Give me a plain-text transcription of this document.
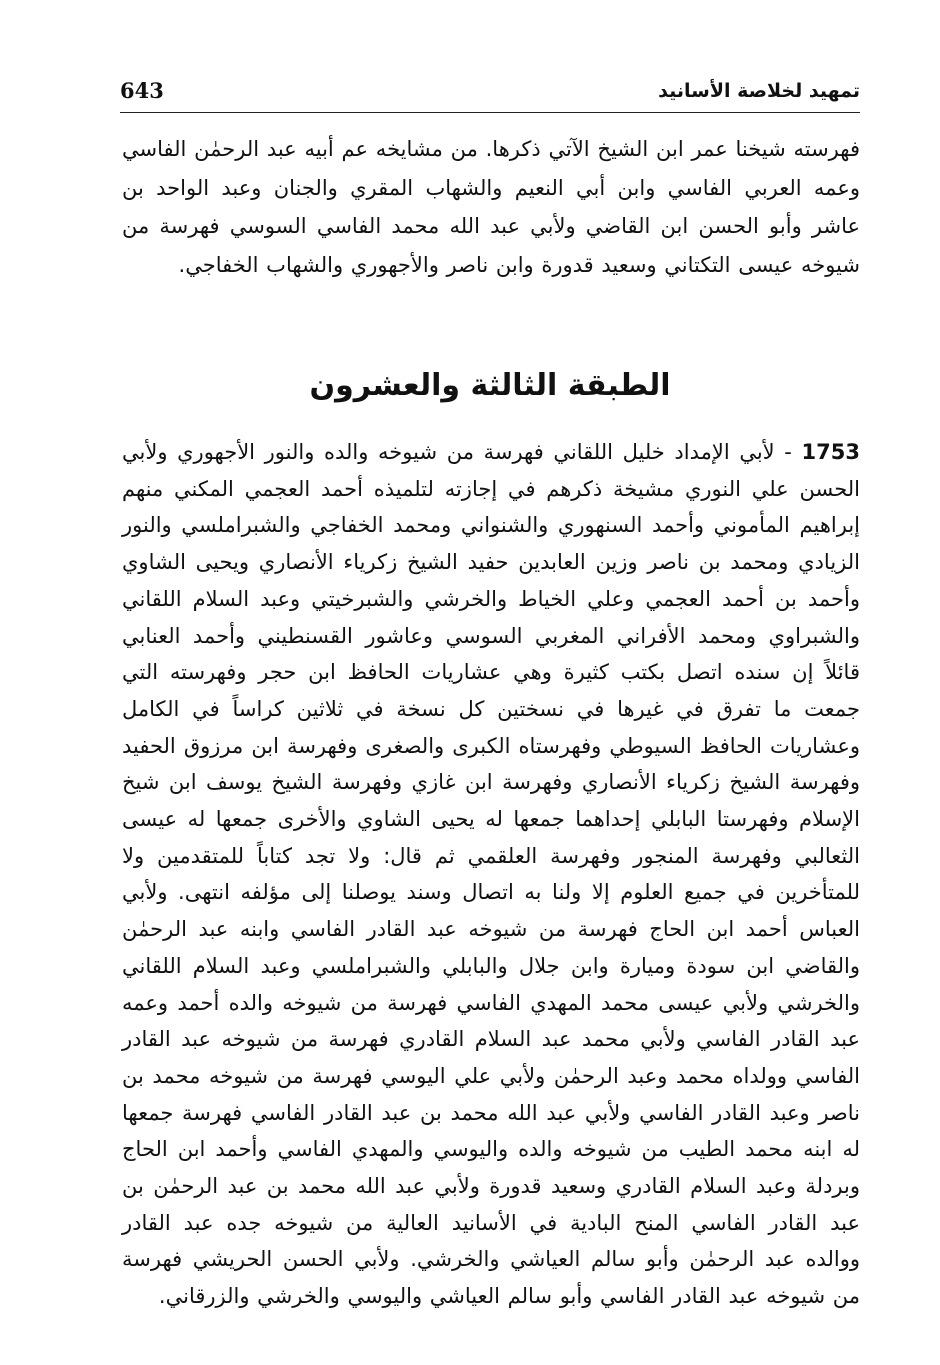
643	تمهيد لخلاصة الأسانيد

فهرسته شيخنا عمر ابن الشيخ الآتي ذكرها. من مشايخه عم أبيه عبد الرحمٰن الفاسي وعمه العربي الفاسي وابن أبي النعيم والشهاب المقري والجنان وعبد الواحد بن عاشر وأبو الحسن ابن القاضي ولأبي عبد الله محمد الفاسي السوسي فهرسة من شيوخه عيسى التكتاني وسعيد قدورة وابن ناصر والأجهوري والشهاب الخفاجي.

الطبقة الثالثة والعشرون

1753 - لأبي الإمداد خليل اللقاني فهرسة من شيوخه والده والنور الأجهوري ولأبي الحسن علي النوري مشيخة ذكرهم في إجازته لتلميذه أحمد العجمي المكني منهم إبراهيم المأموني وأحمد السنهوري والشنواني ومحمد الخفاجي والشبراملسي والنور الزيادي ومحمد بن ناصر وزين العابدين حفيد الشيخ زكرياء الأنصاري ويحيى الشاوي وأحمد بن أحمد العجمي وعلي الخياط والخرشي والشبرخيتي وعبد السلام اللقاني والشبراوي ومحمد الأفراني المغربي السوسي وعاشور القسنطيني وأحمد العنابي قائلاً إن سنده اتصل بكتب كثيرة وهي عشاريات الحافظ ابن حجر وفهرسته التي جمعت ما تفرق في غيرها في نسختين كل نسخة في ثلاثين كراساً في الكامل وعشاريات الحافظ السيوطي وفهرستاه الكبرى والصغرى وفهرسة ابن مرزوق الحفيد وفهرسة الشيخ زكرياء الأنصاري وفهرسة ابن غازي وفهرسة الشيخ يوسف ابن شيخ الإسلام وفهرستا البابلي إحداهما جمعها له يحيى الشاوي والأخرى جمعها له عيسى الثعالبي وفهرسة المنجور وفهرسة العلقمي ثم قال: ولا تجد كتاباً للمتقدمين ولا للمتأخرين في جميع العلوم إلا ولنا به اتصال وسند يوصلنا إلى مؤلفه انتهى. ولأبي العباس أحمد ابن الحاج فهرسة من شيوخه عبد القادر الفاسي وابنه عبد الرحمٰن والقاضي ابن سودة وميارة وابن جلال والبابلي والشبراملسي وعبد السلام اللقاني والخرشي ولأبي عيسى محمد المهدي الفاسي فهرسة من شيوخه والده أحمد وعمه عبد القادر الفاسي ولأبي محمد عبد السلام القادري فهرسة من شيوخه عبد القادر الفاسي وولداه محمد وعبد الرحمٰن ولأبي علي اليوسي فهرسة من شيوخه محمد بن ناصر وعبد القادر الفاسي ولأبي عبد الله محمد بن عبد القادر الفاسي فهرسة جمعها له ابنه محمد الطيب من شيوخه والده واليوسي والمهدي الفاسي وأحمد ابن الحاج وبردلة وعبد السلام القادري وسعيد قدورة ولأبي عبد الله محمد بن عبد الرحمٰن بن عبد القادر الفاسي المنح البادية في الأسانيد العالية من شيوخه جده عبد القادر ووالده عبد الرحمٰن وأبو سالم العياشي والخرشي. ولأبي الحسن الحريشي فهرسة من شيوخه عبد القادر الفاسي وأبو سالم العياشي واليوسي والخرشي والزرقاني.
